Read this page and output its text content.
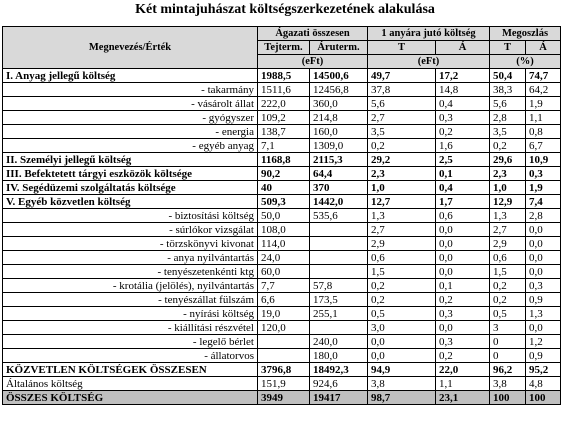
Két mintajuhászat költségszerkezetének alakulása
Megnevezés/Érték	Ágazati összesen		1 anyára jutó költség		Megoszlás	
	Tejterm.	Áruterm.	T	Á	T	Á
	(eFt)		(eFt)		(%)	
I. Anyag jellegű költség	1988,5	14500,6	49,7	17,2	50,4	74,7
- takarmány	1511,6	12456,8	37,8	14,8	38,3	64,2
- vásárolt állat	222,0	360,0	5,6	0,4	5,6	1,9
- gyógyszer	109,2	214,8	2,7	0,3	2,8	1,1
- energia	138,7	160,0	3,5	0,2	3,5	0,8
- egyéb anyag	7,1	1309,0	0,2	1,6	0,2	6,7
II. Személyi jellegű költség	1168,8	2115,3	29,2	2,5	29,6	10,9
III. Befektetett tárgyi eszközök költsége	90,2	64,4	2,3	0,1	2,3	0,3
IV. Segédüzemi szolgáltatás költsége	40	370	1,0	0,4	1,0	1,9
V. Egyéb közvetlen költség	509,3	1442,0	12,7	1,7	12,9	7,4
- biztosítási költség	50,0	535,6	1,3	0,6	1,3	2,8
- súrlókor vizsgálat	108,0		2,7	0,0	2,7	0,0
- törzskönyvi kivonat	114,0		2,9	0,0	2,9	0,0
- anya nyilvántartás	24,0		0,6	0,0	0,6	0,0
- tenyészetenkénti ktg	60,0		1,5	0,0	1,5	0,0
- krotália (jelölés), nyilvántartás	7,7	57,8	0,2	0,1	0,2	0,3
- tenyészállat fülszám	6,6	173,5	0,2	0,2	0,2	0,9
- nyírási költség	19,0	255,1	0,5	0,3	0,5	1,3
- kiállítási részvétel	120,0		3,0	0,0	3	0,0
- legelő bérlet		240,0	0,0	0,3	0	1,2
- állatorvos		180,0	0,0	0,2	0	0,9
KÖZVETLEN KÖLTSÉGEK ÖSSZESEN	3796,8	18492,3	94,9	22,0	96,2	95,2
Általános költség	151,9	924,6	3,8	1,1	3,8	4,8
ÖSSZES KÖLTSÉG	3949	19417	98,7	23,1	100	100
